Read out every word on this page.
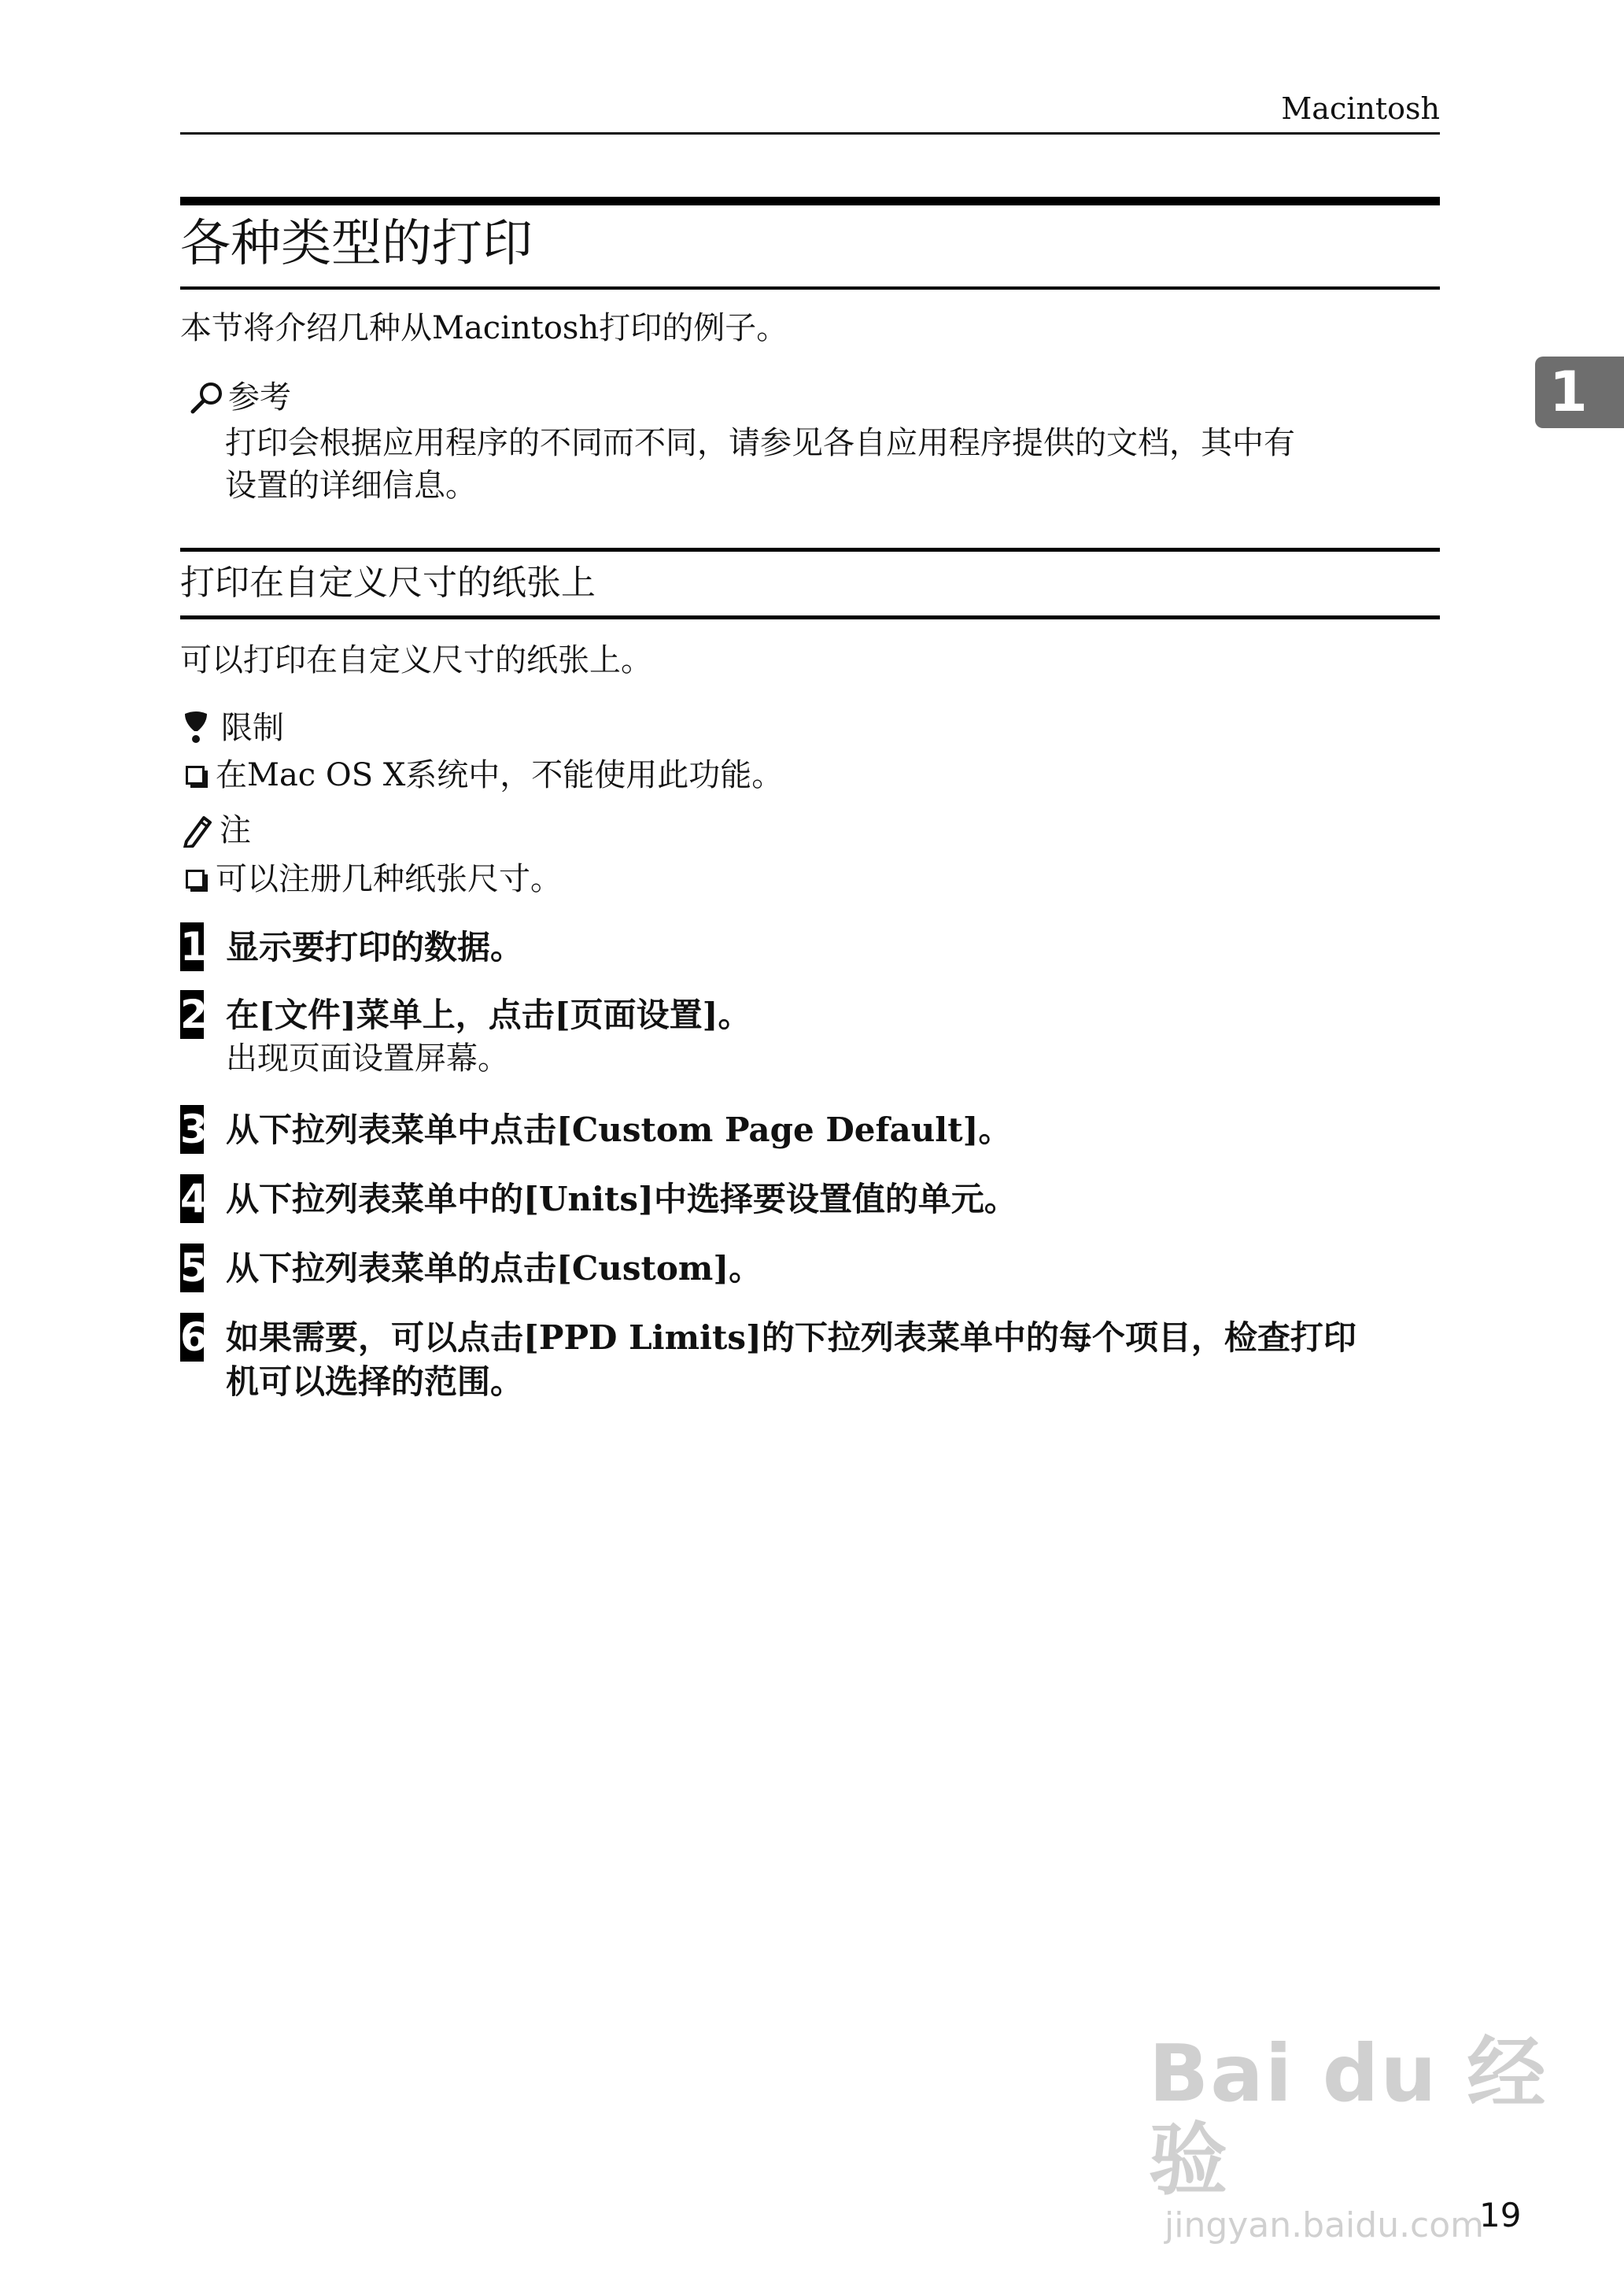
Macintosh
1
各种类型的打印
本节将介绍几种从Macintosh打印的例子。
参考
打印会根据应用程序的不同而不同，请参见各自应用程序提供的文档，其中有
设置的详细信息。
打印在自定义尺寸的纸张上
可以打印在自定义尺寸的纸张上。
限制
在Mac OS X系统中，不能使用此功能。
注
可以注册几种纸张尺寸。
1 显示要打印的数据。
2 在[文件]菜单上，点击[页面设置]。
出现页面设置屏幕。
3 从下拉列表菜单中点击[Custom Page Default]。
4 从下拉列表菜单中的[Units]中选择要设置值的单元。
5 从下拉列表菜单的点击[Custom]。
6 如果需要，可以点击[PPD Limits]的下拉列表菜单中的每个项目，检查打印
机可以选择的范围。
Bai du 经验
jingyan.baidu.com
19
